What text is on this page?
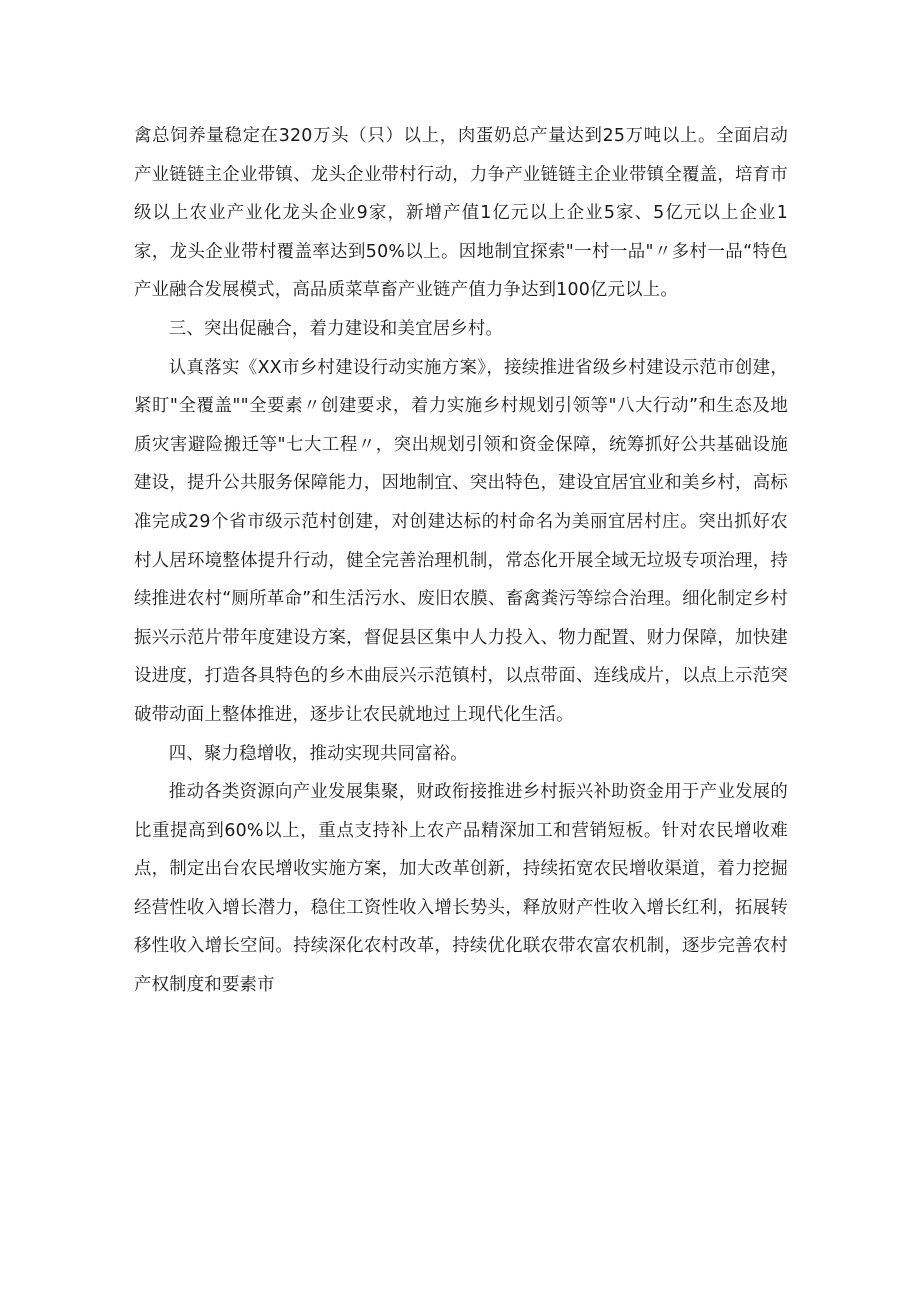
禽总饲养量稳定在320万头（只）以上，肉蛋奶总产量达到25万吨以上。全面启动产业链链主企业带镇、龙头企业带村行动，力争产业链链主企业带镇全覆盖，培育市级以上农业产业化龙头企业9家，新增产值1亿元以上企业5家、5亿元以上企业1家，龙头企业带村覆盖率达到50%以上。因地制宜探索"一村一品"〃多村一品“特色产业融合发展模式，高品质菜草畜产业链产值力争达到100亿元以上。

三、突出促融合，着力建设和美宜居乡村。

认真落实《XX市乡村建设行动实施方案》，接续推进省级乡村建设示范市创建，紧盯"全覆盖""全要素〃创建要求，着力实施乡村规划引领等"八大行动”和生态及地质灾害避险搬迁等"七大工程〃，突出规划引领和资金保障，统筹抓好公共基础设施建设，提升公共服务保障能力，因地制宜、突出特色，建设宜居宜业和美乡村，高标准完成29个省市级示范村创建，对创建达标的村命名为美丽宜居村庄。突出抓好农村人居环境整体提升行动，健全完善治理机制，常态化开展全域无垃圾专项治理，持续推进农村“厕所革命”和生活污水、废旧农膜、畜禽粪污等综合治理。细化制定乡村振兴示范片带年度建设方案，督促县区集中人力投入、物力配置、财力保障，加快建设进度，打造各具特色的乡木曲辰兴示范镇村，以点带面、连线成片，以点上示范突破带动面上整体推进，逐步让农民就地过上现代化生活。

四、聚力稳增收，推动实现共同富裕。

推动各类资源向产业发展集聚，财政衔接推进乡村振兴补助资金用于产业发展的比重提高到60%以上，重点支持补上农产品精深加工和营销短板。针对农民增收难点，制定出台农民增收实施方案，加大改革创新，持续拓宽农民增收渠道，着力挖掘经营性收入增长潜力，稳住工资性收入增长势头，释放财产性收入增长红利，拓展转移性收入增长空间。持续深化农村改革，持续优化联农带农富农机制，逐步完善农村产权制度和要素市
